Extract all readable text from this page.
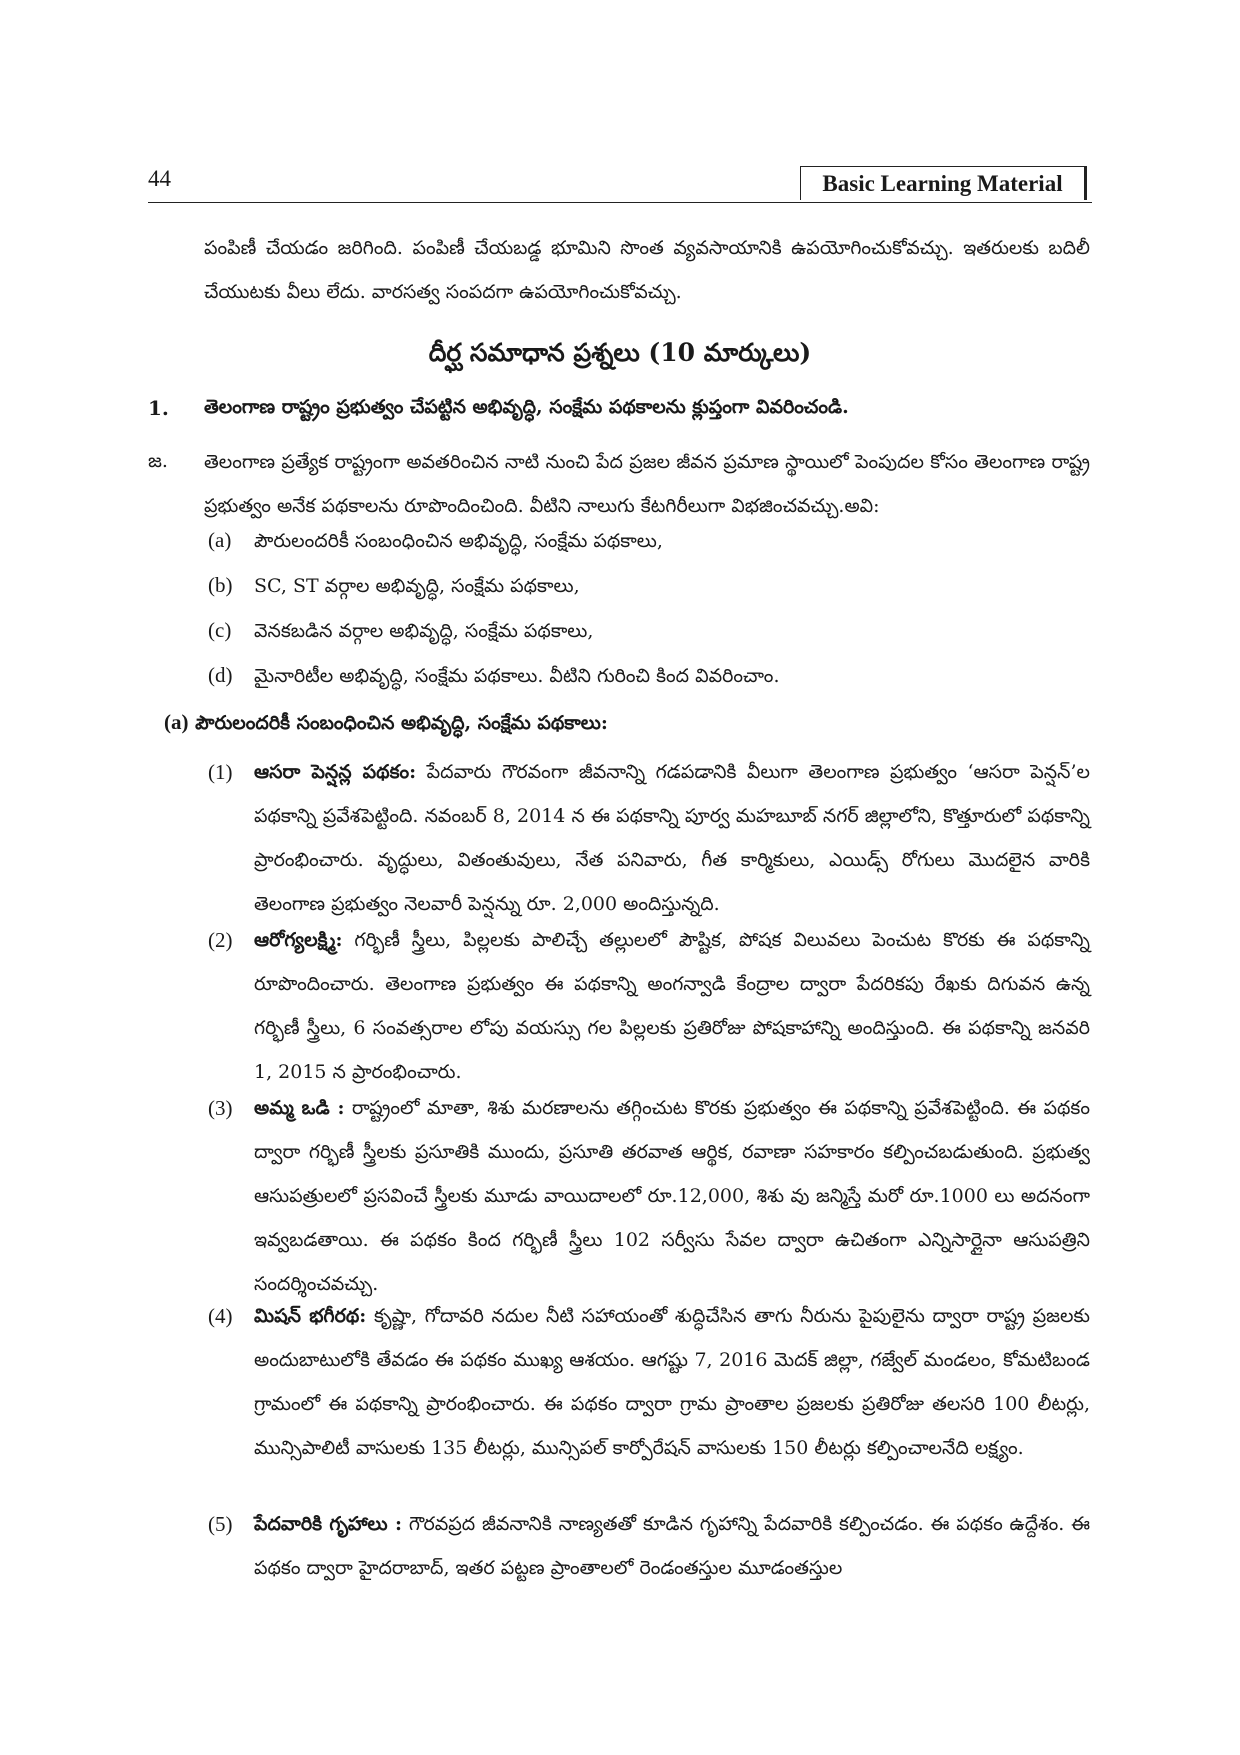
44	Basic Learning Material
పంపిణీ చేయడం జరిగింది. పంపిణీ చేయబడ్డ భూమిని సొంత వ్యవసాయానికి ఉపయోగించుకోవచ్చు. ఇతరులకు బదిలీ చేయుటకు వీలు లేదు. వారసత్వ సంపదగా ఉపయోగించుకోవచ్చు.
దీర్ఘ సమాధాన ప్రశ్నలు (10 మార్కులు)
1. తెలంగాణ రాష్ట్రం ప్రభుత్వం చేపట్టిన అభివృద్ధి, సంక్షేమ పథకాలను క్లుప్తంగా వివరించండి.
జ. తెలంగాణ ప్రత్యేక రాష్ట్రంగా అవతరించిన నాటి నుంచి పేద ప్రజల జీవన ప్రమాణ స్థాయిలో పెంపుదల కోసం తెలంగాణ రాష్ట్ర ప్రభుత్వం అనేక పథకాలను రూపొందించింది. వీటిని నాలుగు కేటగిరీలుగా విభజించవచ్చు.అవి:
(a) పౌరులందరికీ సంబంధించిన అభివృద్ధి, సంక్షేమ పథకాలు,
(b) SC, ST వర్గాల అభివృద్ధి, సంక్షేమ పథకాలు,
(c) వెనకబడిన వర్గాల అభివృద్ధి, సంక్షేమ పథకాలు,
(d) మైనారిటీల అభివృద్ధి, సంక్షేమ పథకాలు. వీటిని గురించి కింద వివరించాం.
(a) పౌరులందరికీ సంబంధించిన అభివృద్ధి, సంక్షేమ పథకాలు:
(1) ఆసరా పెన్షన్ల పథకం: పేదవారు గౌరవంగా జీవనాన్ని గడపడానికి వీలుగా తెలంగాణ ప్రభుత్వం ‘ఆసరా పెన్షన్’ల పథకాన్ని ప్రవేశపెట్టింది. నవంబర్ 8, 2014 న ఈ పథకాన్ని పూర్వ మహబూబ్ నగర్ జిల్లాలోని, కొత్తూరులో పథకాన్ని ప్రారంభించారు. వృద్ధులు, వితంతువులు, నేత పనివారు, గీత కార్మికులు, ఎయిడ్స్ రోగులు మొదలైన వారికి తెలంగాణ ప్రభుత్వం నెలవారీ పెన్షన్ను రూ. 2,000 అందిస్తున్నది.
(2) ఆరోగ్యలక్ష్మి: గర్భిణీ స్త్రీలు, పిల్లలకు పాలిచ్చే తల్లులలో పౌష్టిక, పోషక విలువలు పెంచుట కొరకు ఈ పథకాన్ని రూపొందించారు. తెలంగాణ ప్రభుత్వం ఈ పథకాన్ని అంగన్వాడి కేంద్రాల ద్వారా పేదరికపు రేఖకు దిగువన ఉన్న గర్భిణీ స్త్రీలు, 6 సంవత్సరాల లోపు వయస్సు గల పిల్లలకు ప్రతిరోజు పోషకాహాన్ని అందిస్తుంది. ఈ పథకాన్ని జనవరి 1, 2015 న ప్రారంభించారు.
(3) అమ్మ ఒడి : రాష్ట్రంలో మాతా, శిశు మరణాలను తగ్గించుట కొరకు ప్రభుత్వం ఈ పథకాన్ని ప్రవేశపెట్టింది. ఈ పథకం ద్వారా గర్భిణీ స్త్రీలకు ప్రసూతికి ముందు, ప్రసూతి తరవాత ఆర్థిక, రవాణా సహకారం కల్పించబడుతుంది. ప్రభుత్వ ఆసుపత్రులలో ప్రసవించే స్త్రీలకు మూడు వాయిదాలలో రూ.12,000, శిశు వు జన్మిస్తే మరో రూ.1000 లు అదనంగా ఇవ్వబడతాయి. ఈ పథకం కింద గర్భిణీ స్త్రీలు 102 సర్వీసు సేవల ద్వారా ఉచితంగా ఎన్నిసార్లైనా ఆసుపత్రిని సందర్శించవచ్చు.
(4) మిషన్ భగీరథ: కృష్ణా, గోదావరి నదుల నీటి సహాయంతో శుద్ధిచేసిన తాగు నీరును పైపులైను ద్వారా రాష్ట్ర ప్రజలకు అందుబాటులోకి తేవడం ఈ పథకం ముఖ్య ఆశయం. ఆగష్టు 7, 2016 మెదక్ జిల్లా, గజ్వేల్ మండలం, కోమటిబండ గ్రామంలో ఈ పథకాన్ని ప్రారంభించారు. ఈ పథకం ద్వారా గ్రామ ప్రాంతాల ప్రజలకు ప్రతిరోజు తలసరి 100 లీటర్లు, మున్సిపాలిటీ వాసులకు 135 లీటర్లు, మున్సిపల్ కార్పోరేషన్ వాసులకు 150 లీటర్లు కల్పించాలనేది లక్ష్యం.
(5) పేదవారికి గృహాలు : గౌరవప్రద జీవనానికి నాణ్యతతో కూడిన గృహాన్ని పేదవారికి కల్పించడం. ఈ పథకం ఉద్దేశం. ఈ పథకం ద్వారా హైదరాబాద్, ఇతర పట్టణ ప్రాంతాలలో రెండంతస్తుల మూడంతస్తుల
